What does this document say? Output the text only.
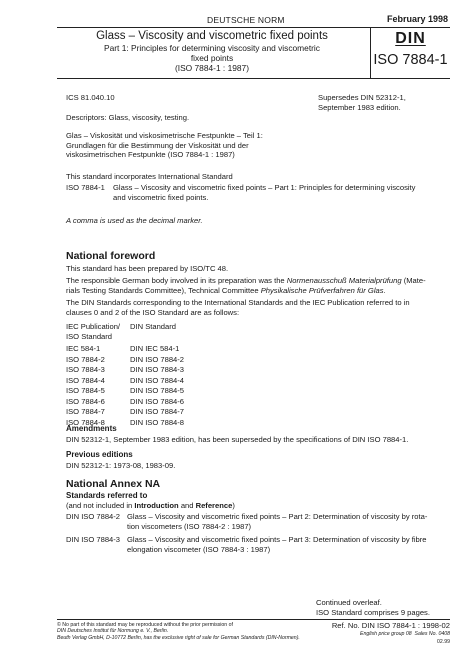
DEUTSCHE NORM	February 1998
Glass – Viscosity and viscometric fixed points
Part 1: Principles for determining viscosity and viscometric
fixed points
(ISO 7884-1 : 1987)
DIN
ISO 7884-1
ICS 81.040.10	Supersedes DIN 52312-1,
September 1983 edition.
Descriptors: Glass, viscosity, testing.
Glas – Viskosität und viskosimetrische Festpunkte – Teil 1:
Grundlagen für die Bestimmung der Viskosität und der
viskosimetrischen Festpunkte (ISO 7884-1 : 1987)
This standard incorporates International Standard
ISO 7884-1 Glass – Viscosity and viscometric fixed points – Part 1: Principles for determining viscosity
and viscometric fixed points.
A comma is used as the decimal marker.
National foreword
This standard has been prepared by ISO/TC 48.
The responsible German body involved in its preparation was the Normenausschuß Materialprüfung (Mate-
rials Testing Standards Committee), Technical Committee Physikalische Prüfverfahren für Glas.
The DIN Standards corresponding to the International Standards and the IEC Publication referred to in
clauses 0 and 2 of the ISO Standard are as follows:
IEC Publication/
ISO Standard
DIN Standard
IEC 584-1	DIN IEC 584-1
ISO 7884-2	DIN ISO 7884-2
ISO 7884-3	DIN ISO 7884-3
ISO 7884-4	DIN ISO 7884-4
ISO 7884-5	DIN ISO 7884-5
ISO 7884-6	DIN ISO 7884-6
ISO 7884-7	DIN ISO 7884-7
ISO 7884-8	DIN ISO 7884-8
Amendments
DIN 52312-1, September 1983 edition, has been superseded by the specifications of DIN ISO 7884-1.
Previous editions
DIN 52312-1: 1973-08, 1983-09.
National Annex NA
Standards referred to
(and not included in Introduction and Reference)
DIN ISO 7884-2 Glass – Viscosity and viscometric fixed points – Part 2: Determination of viscosity by rota-
tion viscometers (ISO 7884-2 : 1987)
DIN ISO 7884-3 Glass – Viscosity and viscometric fixed points – Part 3: Determination of viscosity by fibre
elongation viscometer (ISO 7884-3 : 1987)
Continued overleaf.
ISO Standard comprises 9 pages.
© No part of this standard may be reproduced without the prior permission of
DIN Deutsches Institut für Normung e. V., Berlin.
Beuth Verlag GmbH, D-10772 Berlin, has the exclusive right of sale for German Standards (DIN-Normen).
Ref. No. DIN ISO 7884-1 : 1998-02
English price group 08 Sales No. 0408
02.99
